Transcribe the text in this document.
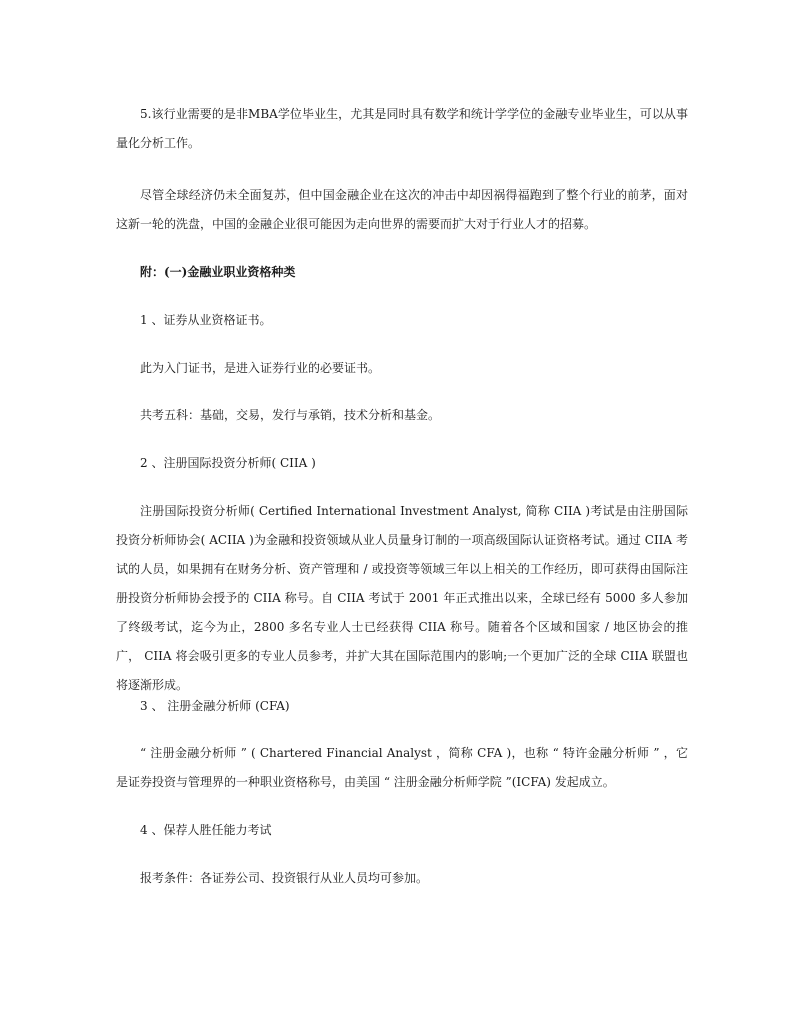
5.该行业需要的是非MBA学位毕业生，尤其是同时具有数学和统计学学位的金融专业毕业生，可以从事量化分析工作。

尽管全球经济仍未全面复苏，但中国金融企业在这次的冲击中却因祸得福跑到了整个行业的前茅，面对这新一轮的洗盘，中国的金融企业很可能因为走向世界的需要而扩大对于行业人才的招募。

附：(一)金融业职业资格种类

1 、证券从业资格证书。

此为入门证书，是进入证券行业的必要证书。

共考五科：基础，交易，发行与承销，技术分析和基金。

2 、注册国际投资分析师( CIIA )

注册国际投资分析师( Certified International Investment Analyst, 简称 CIIA )考试是由注册国际投资分析师协会( ACIIA )为金融和投资领域从业人员量身订制的一项高级国际认证资格考试。通过 CIIA 考试的人员，如果拥有在财务分析、资产管理和 / 或投资等领域三年以上相关的工作经历，即可获得由国际注册投资分析师协会授予的 CIIA 称号。自 CIIA 考试于 2001 年正式推出以来，全球已经有 5000 多人参加了终级考试，迄今为止，2800 多名专业人士已经获得 CIIA 称号。随着各个区域和国家 / 地区协会的推广， CIIA 将会吸引更多的专业人员参考，并扩大其在国际范围内的影响;一个更加广泛的全球 CIIA 联盟也将逐渐形成。

3 、 注册金融分析师 (CFA)

“ 注册金融分析师 ” ( Chartered Financial Analyst ，简称 CFA )，也称 “ 特许金融分析师 ” ，它是证券投资与管理界的一种职业资格称号，由美国 “ 注册金融分析师学院 ”(ICFA) 发起成立。

4 、保荐人胜任能力考试

报考条件：各证券公司、投资银行从业人员均可参加。
